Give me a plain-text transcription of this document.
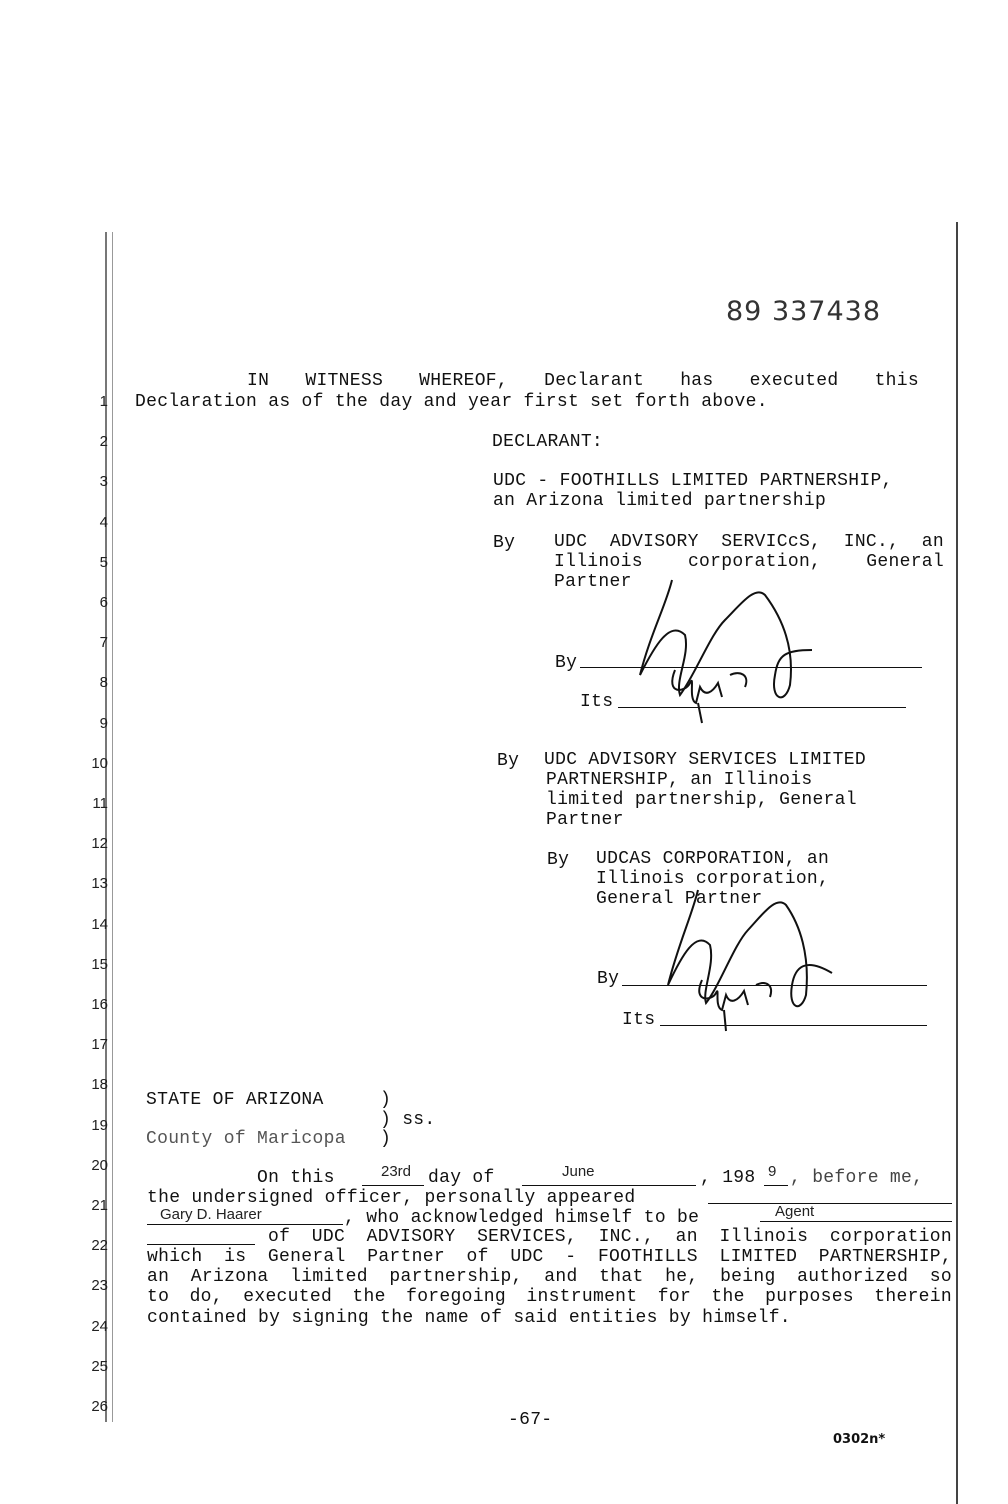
1
2
3
4
5
6
7
8
9
10
11
12
13
14
15
16
17
18
19
20
21
22
23
24
25
26
89 337438
IN WITNESS WHEREOF, Declarant has executed this
Declaration as of the day and year first set forth above.
DECLARANT:
UDC - FOOTHILLS LIMITED PARTNERSHIP,
an Arizona limited partnership
By UDC ADVISORY SERVICcS, INC., an
Illinois corporation, General
Partner
By
Its
By UDC ADVISORY SERVICES LIMITED
PARTNERSHIP, an Illinois
limited partnership, General
Partner
By UDCAS CORPORATION, an
Illinois corporation,
General Partner
By
Its
STATE OF ARIZONA	)
) ss.
County of Maricopa )
On this	23rd day of	June	, 198 9 , before me,
the undersigned officer, personally appeared
Gary D. Haarer	, who acknowledged himself to be	Agent
of UDC ADVISORY SERVICES, INC., an Illinois corporation
which is General Partner of UDC - FOOTHILLS LIMITED PARTNERSHIP,
an Arizona limited partnership, and that he, being authorized so
to do, executed the foregoing instrument for the purposes therein
contained by signing the name of said entities by himself.
-67-
0302n*
